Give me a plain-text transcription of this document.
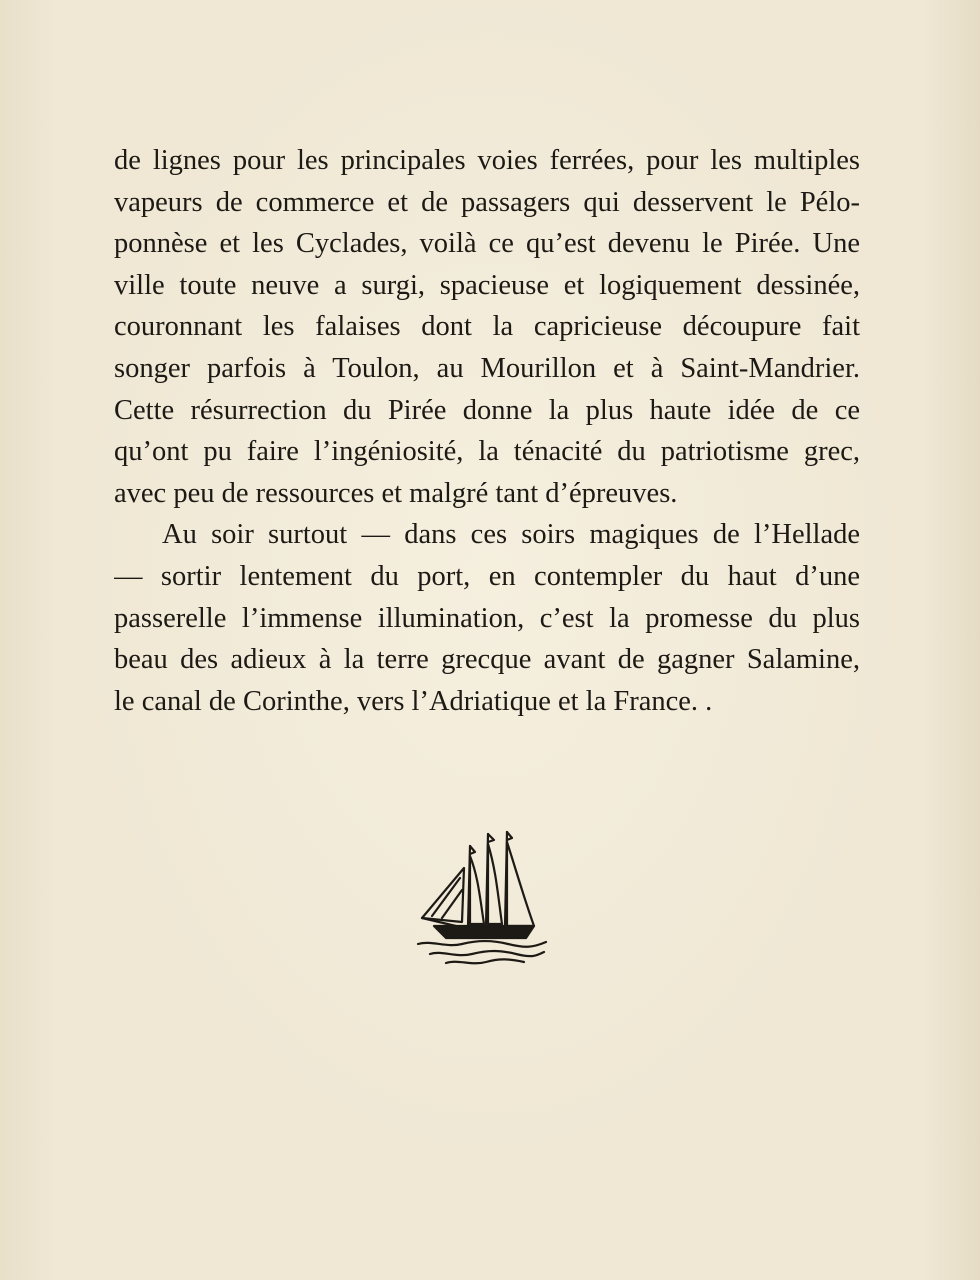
de lignes pour les principales voies ferrées, pour les multiples
vapeurs de commerce et de passagers qui desservent le Pélo-
ponnèse et les Cyclades, voilà ce qu’est devenu le Pirée. Une
ville toute neuve a surgi, spacieuse et logiquement dessinée,
couronnant les falaises dont la capricieuse découpure fait
songer parfois à Toulon, au Mourillon et à Saint-Mandrier.
Cette résurrection du Pirée donne la plus haute idée de ce
qu’ont pu faire l’ingéniosité, la ténacité du patriotisme grec,
avec peu de ressources et malgré tant d’épreuves.
Au soir surtout — dans ces soirs magiques de l’Hellade
— sortir lentement du port, en contempler du haut d’une
passerelle l’immense illumination, c’est la promesse du plus
beau des adieux à la terre grecque avant de gagner Salamine,
le canal de Corinthe, vers l’Adriatique et la France. .
